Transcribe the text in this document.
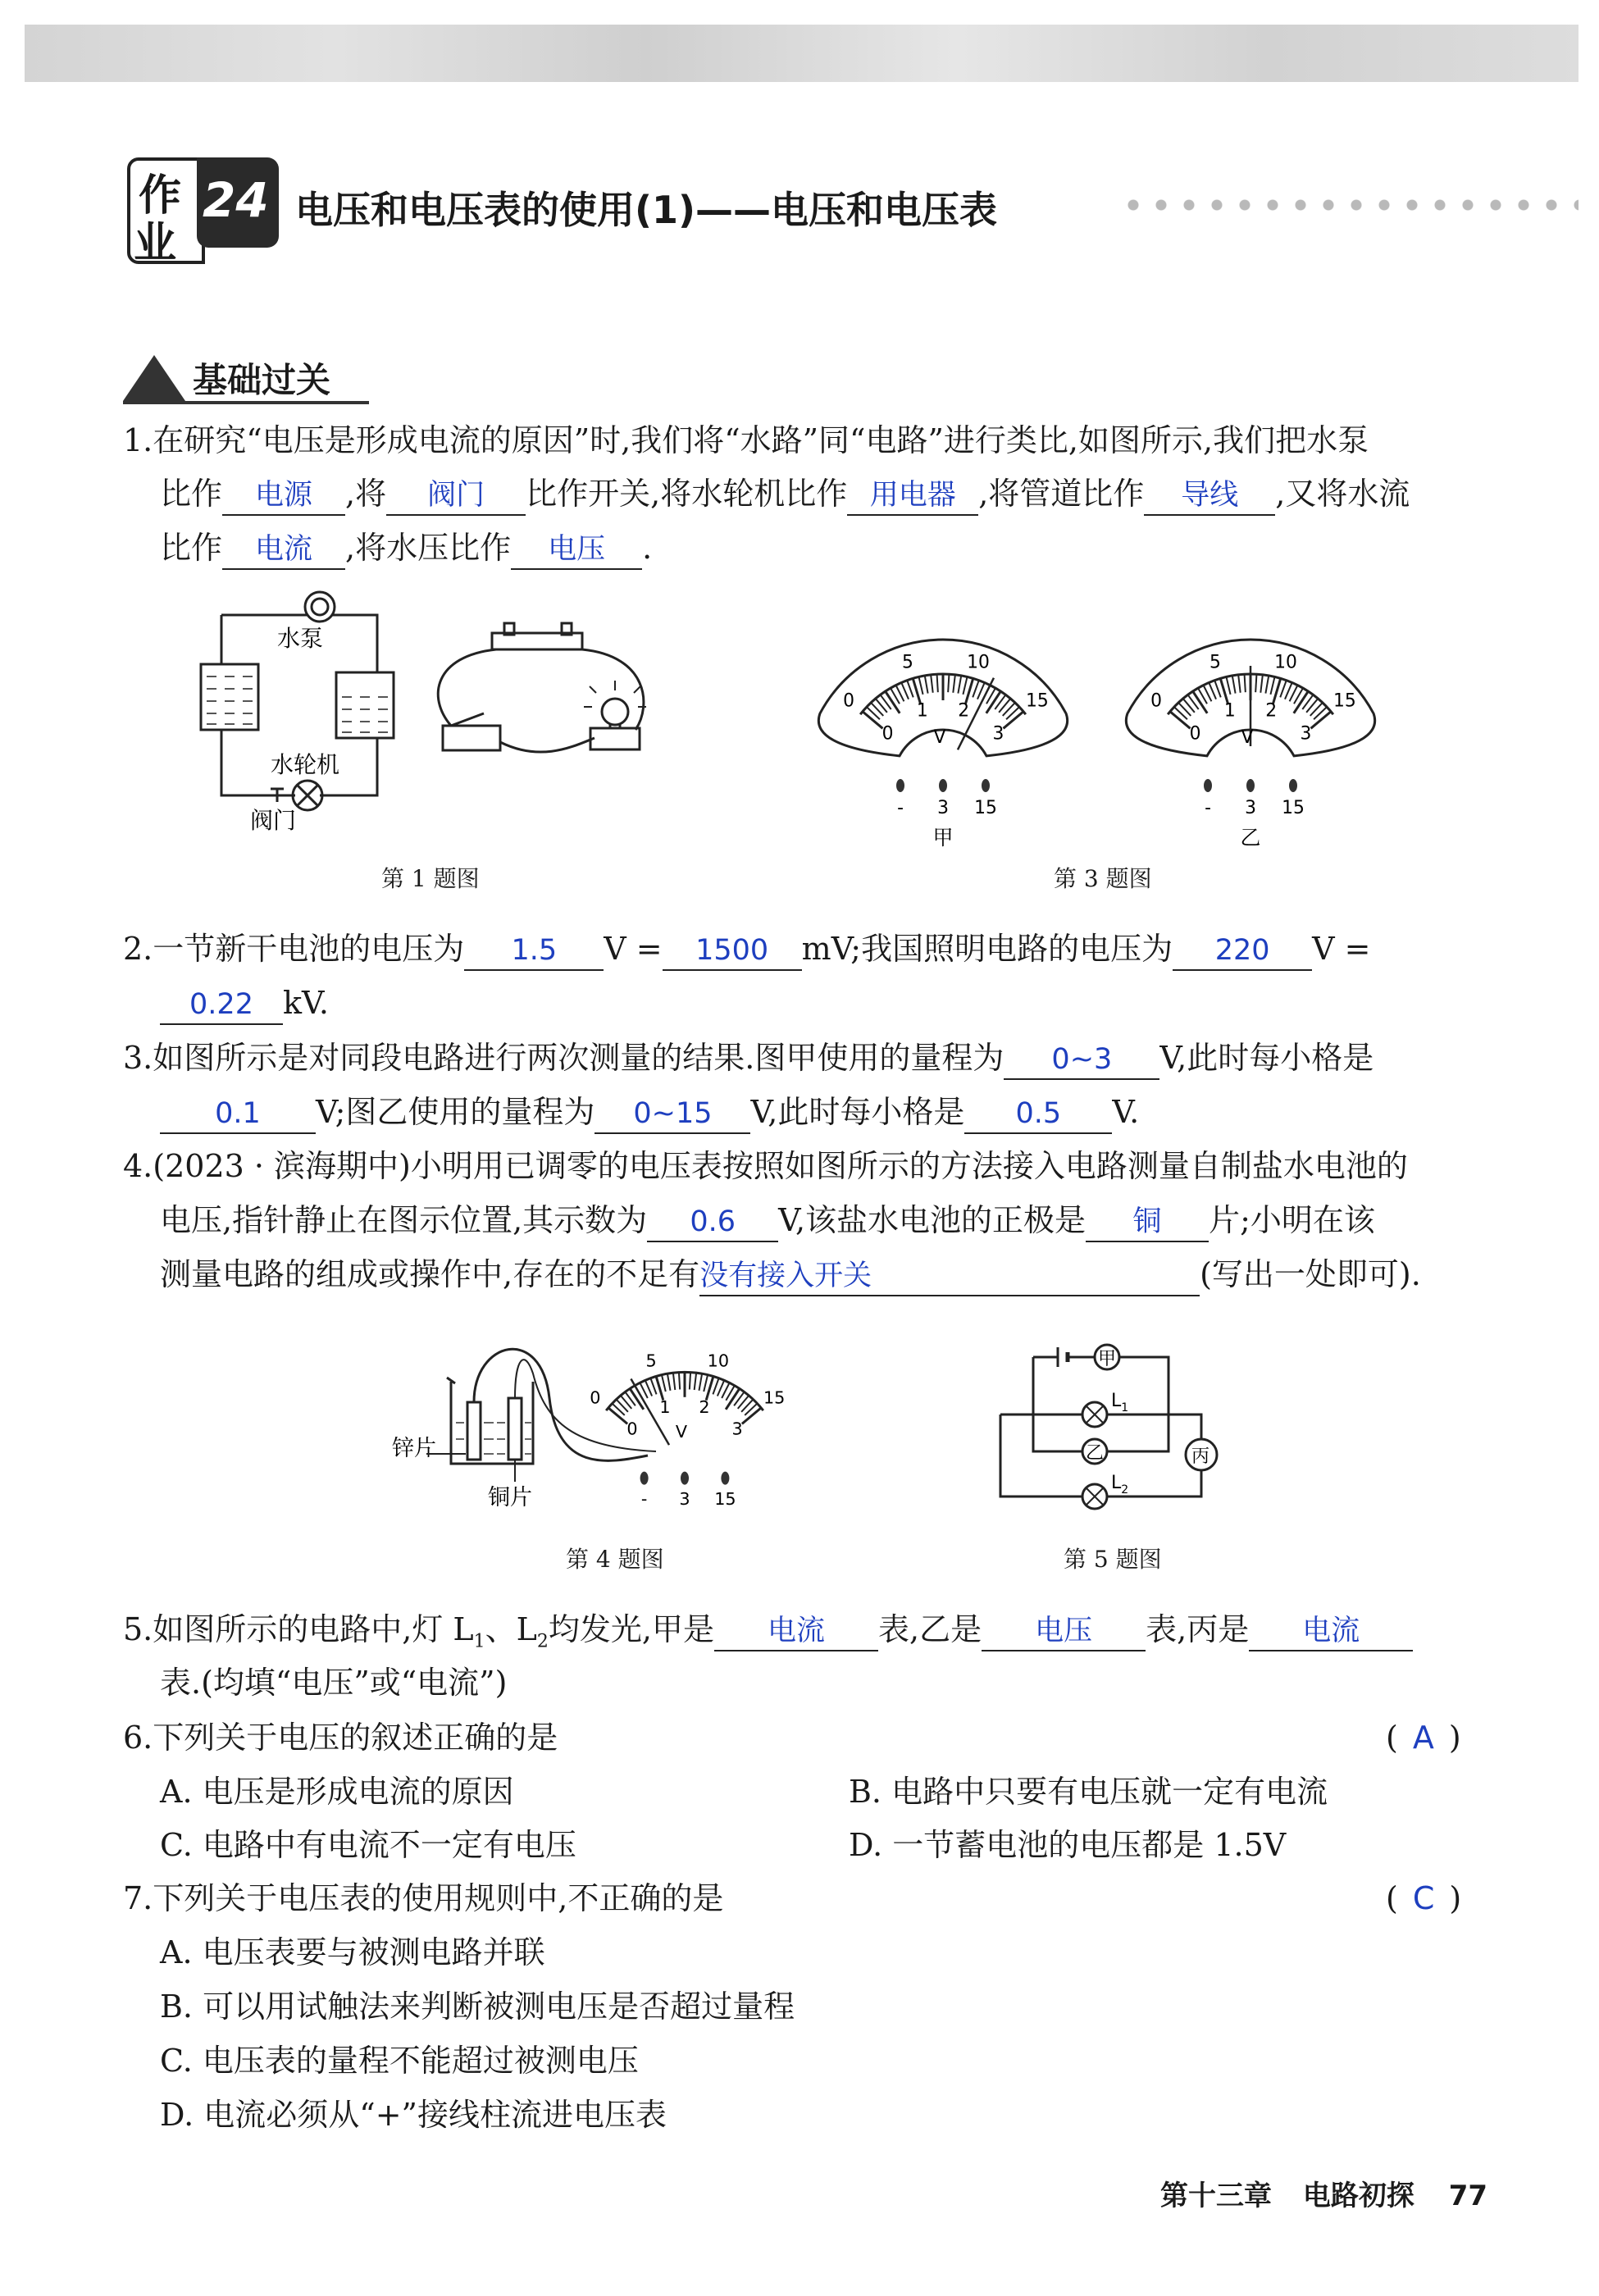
作
业
24 电压和电压表的使用(1)——电压和电压表
基础过关
1.在研究“电压是形成电流的原因”时,我们将“水路”同“电路”进行类比,如图所示,我们把水泵
比作 电源 ,将 阀门 比作开关,将水轮机比作 用电器 ,将管道比作 导线 ,又将水流
比作 电流 ,将水压比作 电压 .
水泵
水轮机
阀门
0
5	10
15
0
1 2
3
V
- 3 15
甲
0
5	10
15
0
1 2
3
V
- 3 15
乙
第 3 题图
第 1 题图
2.一节新干电池的电压为 1.5 V = 1500 mV;我国照明电路的电压为 220 V =
0.22 kV.
3.如图所示是对同段电路进行两次测量的结果.图甲使用的量程为 0~3 V,此时每小格是
0.1 V;图乙使用的量程为 0~15 V,此时每小格是 0.5 V.
4.(2023 · 滨海期中)小明用已调零的电压表按照如图所示的方法接入电路测量自制盐水电池的
电压,指针静止在图示位置,其示数为 0.6 V,该盐水电池的正极是 铜 片;小明在该
测量电路的组成或操作中,存在的不足有没有接入开关	(写出一处即可).
锌片
铜片
0
5	10
15
0
1 2
3
V
- 3 15
第 4 题图
甲
乙	丙
$L_1$
$L_2$
第 5 题图
5.如图所示的电路中,灯 $L_1$、$L_2$均发光,甲是 电流 表,乙是 电压 表,丙是 电流
表.(均填“电压”或“电流”)
6.下列关于电压的叙述正确的是	( A )
A. 电压是形成电流的原因	B. 电路中只要有电压就一定有电流
C. 电路中有电流不一定有电压	D. 一节蓄电池的电压都是 1.5V
7.下列关于电压表的使用规则中,不正确的是	( C )
A. 电压表要与被测电路并联
B. 可以用试触法来判断被测电压是否超过量程
C. 电压表的量程不能超过被测电压
D. 电流必须从“+”接线柱流进电压表
第十三章 电路初探 77
